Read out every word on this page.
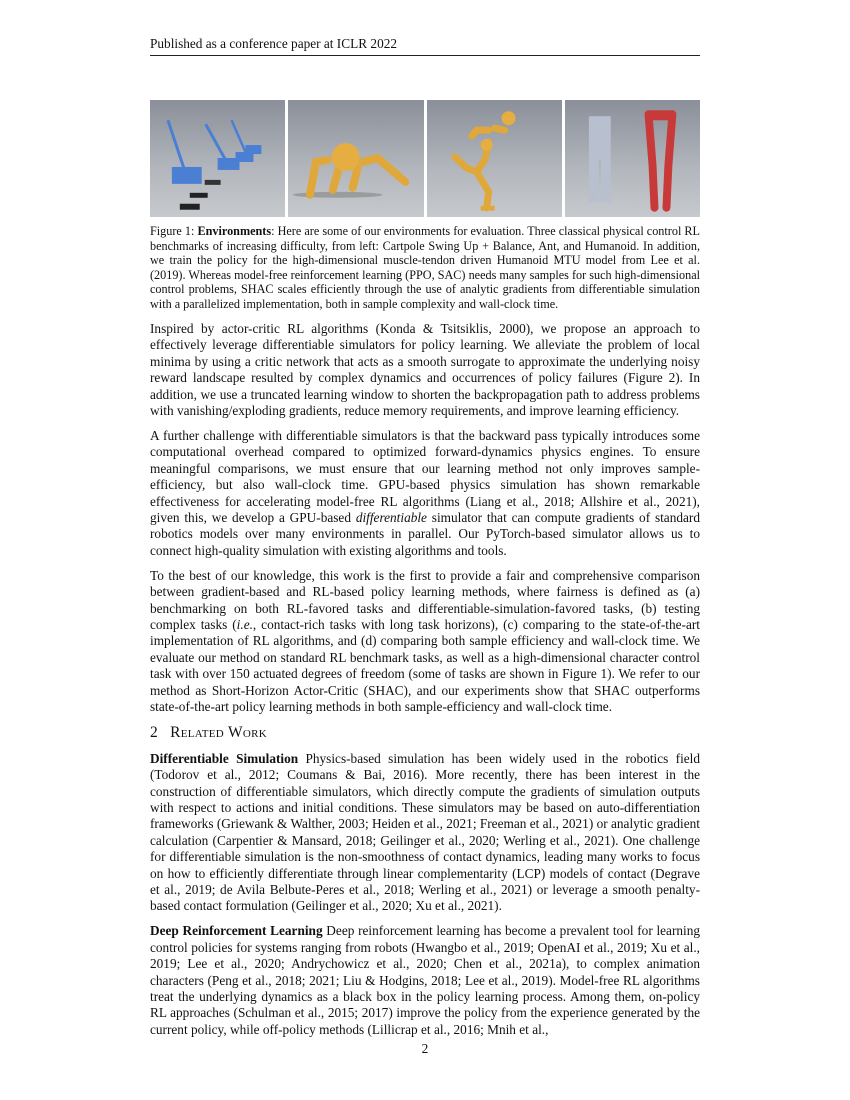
Published as a conference paper at ICLR 2022
Figure 1: Environments: Here are some of our environments for evaluation. Three classical physical control RL benchmarks of increasing difficulty, from left: Cartpole Swing Up + Balance, Ant, and Humanoid. In addition, we train the policy for the high-dimensional muscle-tendon driven Humanoid MTU model from Lee et al. (2019). Whereas model-free reinforcement learning (PPO, SAC) needs many samples for such high-dimensional control problems, SHAC scales efficiently through the use of analytic gradients from differentiable simulation with a parallelized implementation, both in sample complexity and wall-clock time.

Inspired by actor-critic RL algorithms (Konda & Tsitsiklis, 2000), we propose an approach to effectively leverage differentiable simulators for policy learning. We alleviate the problem of local minima by using a critic network that acts as a smooth surrogate to approximate the underlying noisy reward landscape resulted by complex dynamics and occurrences of policy failures (Figure 2). In addition, we use a truncated learning window to shorten the backpropagation path to address problems with vanishing/exploding gradients, reduce memory requirements, and improve learning efficiency.

A further challenge with differentiable simulators is that the backward pass typically introduces some computational overhead compared to optimized forward-dynamics physics engines. To ensure meaningful comparisons, we must ensure that our learning method not only improves sample-efficiency, but also wall-clock time. GPU-based physics simulation has shown remarkable effectiveness for accelerating model-free RL algorithms (Liang et al., 2018; Allshire et al., 2021), given this, we develop a GPU-based differentiable simulator that can compute gradients of standard robotics models over many environments in parallel. Our PyTorch-based simulator allows us to connect high-quality simulation with existing algorithms and tools.

To the best of our knowledge, this work is the first to provide a fair and comprehensive comparison between gradient-based and RL-based policy learning methods, where fairness is defined as (a) benchmarking on both RL-favored tasks and differentiable-simulation-favored tasks, (b) testing complex tasks (i.e., contact-rich tasks with long task horizons), (c) comparing to the state-of-the-art implementation of RL algorithms, and (d) comparing both sample efficiency and wall-clock time. We evaluate our method on standard RL benchmark tasks, as well as a high-dimensional character control task with over 150 actuated degrees of freedom (some of tasks are shown in Figure 1). We refer to our method as Short-Horizon Actor-Critic (SHAC), and our experiments show that SHAC outperforms state-of-the-art policy learning methods in both sample-efficiency and wall-clock time.

2 Related Work

Differentiable Simulation Physics-based simulation has been widely used in the robotics field (Todorov et al., 2012; Coumans & Bai, 2016). More recently, there has been interest in the construction of differentiable simulators, which directly compute the gradients of simulation outputs with respect to actions and initial conditions. These simulators may be based on auto-differentiation frameworks (Griewank & Walther, 2003; Heiden et al., 2021; Freeman et al., 2021) or analytic gradient calculation (Carpentier & Mansard, 2018; Geilinger et al., 2020; Werling et al., 2021). One challenge for differentiable simulation is the non-smoothness of contact dynamics, leading many works to focus on how to efficiently differentiate through linear complementarity (LCP) models of contact (Degrave et al., 2019; de Avila Belbute-Peres et al., 2018; Werling et al., 2021) or leverage a smooth penalty-based contact formulation (Geilinger et al., 2020; Xu et al., 2021).

Deep Reinforcement Learning Deep reinforcement learning has become a prevalent tool for learning control policies for systems ranging from robots (Hwangbo et al., 2019; OpenAI et al., 2019; Xu et al., 2019; Lee et al., 2020; Andrychowicz et al., 2020; Chen et al., 2021a), to complex animation characters (Peng et al., 2018; 2021; Liu & Hodgins, 2018; Lee et al., 2019). Model-free RL algorithms treat the underlying dynamics as a black box in the policy learning process. Among them, on-policy RL approaches (Schulman et al., 2015; 2017) improve the policy from the experience generated by the current policy, while off-policy methods (Lillicrap et al., 2016; Mnih et al.,

2
